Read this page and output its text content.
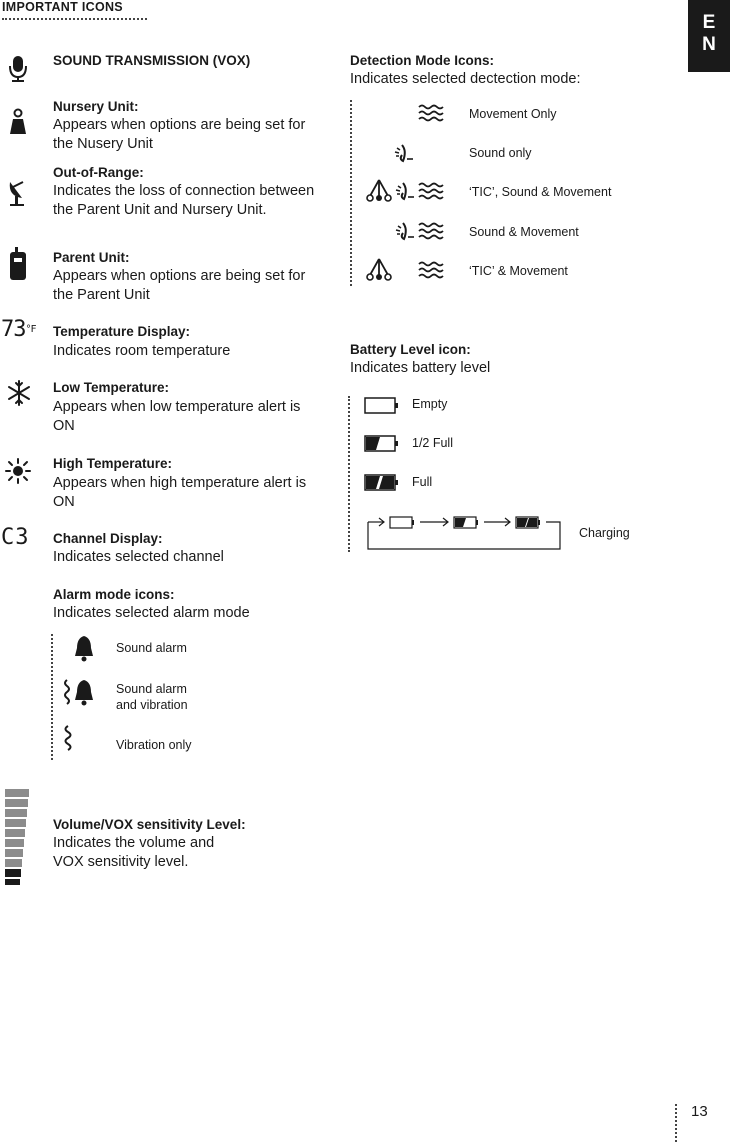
IMPORTANT ICONS
EN
SOUND TRANSMISSION (VOX)
Nursery Unit:
Appears when options are being set for the Nusery Unit
Out-of-Range:
Indicates the loss of connection between the Parent Unit and Nursery Unit.
Parent Unit:
Appears when options are being set for the Parent Unit
$73^{^\circ F}$ Temperature Display:
Indicates room temperature
Low Temperature:
Appears when low temperature alert is ON
High Temperature:
Appears when high temperature alert is ON
C3 Channel Display:
Indicates selected channel
Alarm mode icons:
Indicates selected alarm mode
Sound alarm
Sound alarm
and vibration
Vibration only
Volume/VOX sensitivity Level:
Indicates the volume and
VOX sensitivity level.
Detection Mode Icons:
Indicates selected dectection mode:
Movement Only
Sound only
‘TIC’, Sound & Movement
Sound & Movement
‘TIC’ & Movement
Battery Level icon:
Indicates battery level
Empty
1/2 Full
Full
Charging
13
